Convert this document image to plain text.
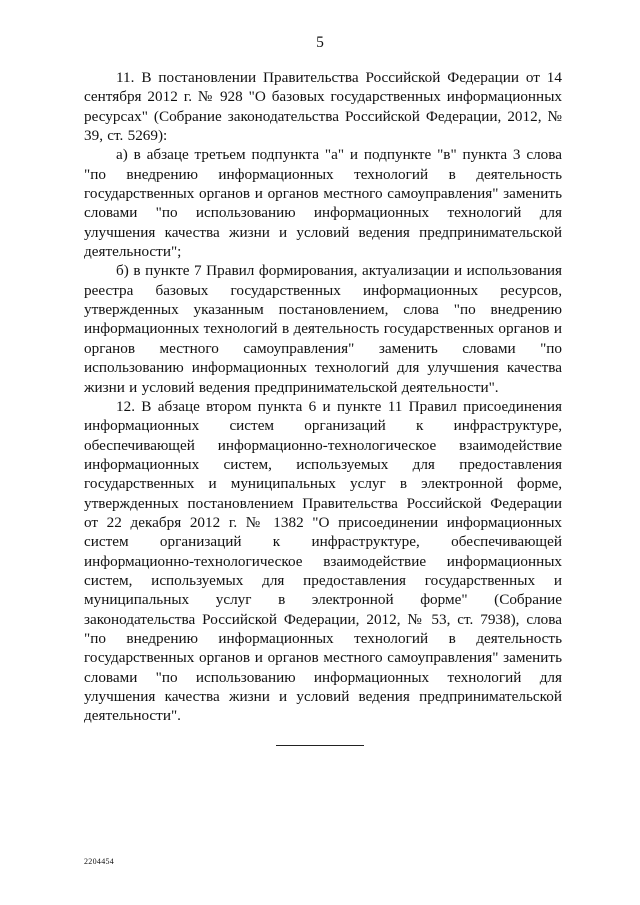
5

11. В постановлении Правительства Российской Федерации от 14 сентября 2012 г. № 928 "О базовых государственных информационных ресурсах" (Собрание законодательства Российской Федерации, 2012, № 39, ст. 5269):

а) в абзаце третьем подпункта "а" и подпункте "в" пункта 3 слова "по внедрению информационных технологий в деятельность государственных органов и органов местного самоуправления" заменить словами "по использованию информационных технологий для улучшения качества жизни и условий ведения предпринимательской деятельности";

б) в пункте 7 Правил формирования, актуализации и использования реестра базовых государственных информационных ресурсов, утвержденных указанным постановлением, слова "по внедрению информационных технологий в деятельность государственных органов и органов местного самоуправления" заменить словами "по использованию информационных технологий для улучшения качества жизни и условий ведения предпринимательской деятельности".

12. В абзаце втором пункта 6 и пункте 11 Правил присоединения информационных систем организаций к инфраструктуре, обеспечивающей информационно-технологическое взаимодействие информационных систем, используемых для предоставления государственных и муниципальных услуг в электронной форме, утвержденных постановлением Правительства Российской Федерации от 22 декабря 2012 г. № 1382 "О присоединении информационных систем организаций к инфраструктуре, обеспечивающей информационно-технологическое взаимодействие информационных систем, используемых для предоставления государственных и муниципальных услуг в электронной форме" (Собрание законодательства Российской Федерации, 2012, № 53, ст. 7938), слова "по внедрению информационных технологий в деятельность государственных органов и органов местного самоуправления" заменить словами "по использованию информационных технологий для улучшения качества жизни и условий ведения предпринимательской деятельности".

2204454
